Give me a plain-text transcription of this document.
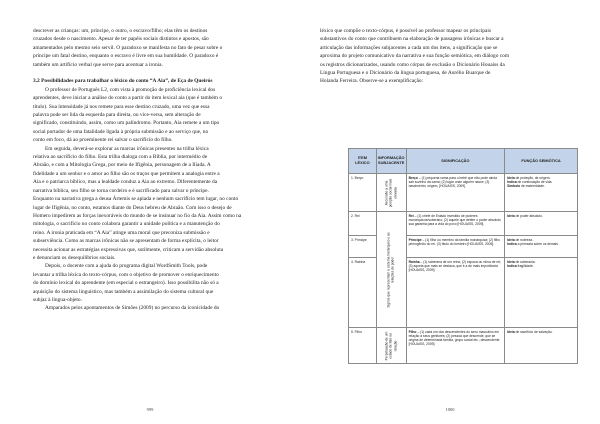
descrever as crianças: um, príncipe, o outro, o escravo/filho; elas têm os destinos

cruzados desde o nascimento. Apesar de ter papéis sociais distintos e apostos, são

amamentados pelo mesmo seio servil. O paradoxo se manifesta no fato de pesar sobre o

príncipe um fatal destino, enquanto o escravo é livre em sua humildade. O paradoxo é

também um artifício verbal que serve para acentuar a ironia.

3.2 Possibilidades para trabalhar o léxico do conto “A Aia”, de Eça de Queirós

O professor de Português L2, com vista à promoção de proficiência lexical dos

aprendentes, deve iniciar a análise do conto a partir do item lexical aia (que é também o

título). Sua íntensidade já nos remete para esse destino cruzado, uma vez que essa

palavra pode ser lida da esquerda para direita, ou vice-versa, sem alteração de

significado, constituindo, assim, como um palíndromo. Portanto, Aia remete a um tipo

social portador de uma fatalidade ligada à própria submissão e ao serviço que, no

conto em foco, dá ao proeminente rei salvar o sacrifício do filho.

Em seguida, deverá-se explorar as marcas irônicas presentes na trilha léxica

relativa ao sacrifício do filho. Esta trilha dialoga com a Bíblia, por intermédio de

Abraão, e com a Mitologia Grega, por meio de Ifigênia, personagem de a Ilíada. A

fidelidade a um senhor e o amor ao filho são os traços que permitem a analogia entre a

Aia e o patriarca bíblico, mas a lealdade conduz a Aia ao extremo. Diferentemente da

narrativa bíblica, seu filho se torna cordeiro e é sacrificado para salvar o príncipe.

Enquanto na narrativa grega a deusa Ártemis se apiada e nenhum sacrifício tem lugar, no conto

lugar de Ifigênia, no conto, estamos diante do Deus hebreu de Abraão. Com isso o desejo de

Homero impedirem as forças inexoráveis do mundo de se insinuar no fio da Aia. Assim como na

mitologia, o sacrifício no conto colabora garantir a unidade política e a manutenção do

reino. A ironia praticada em “A Aia” atinge uma moral que preconiza submissão e

subserviência. Como as marcas irônicas não se apresentam de forma explícita, o leitor

necessita acionar as estratégias expressivas que, sutilmente, criticam a servidão absoluta

e denunciam os desequilíbrios sociais.

Depois, o docente com a ajuda do programa digital WordSmith Tools, pode

levantar a trilha léxica do texto-córpus, com o objetivo de promover o enriquecimento

do domínio lexical do aprendente (em especial o estrangeiro). Isso possibilita não só a

aquisição do sistema linguístico, mas também a assimilação do sistema cultural que

subjaz à língua-objeto.

Amparados pelos apontamentos de Simões (2009) no percurso da iconicidade do

999

léxico que compõe o texto-córpus, é possível ao professor mapear os principais

substantivos do conto que contribuem na elaboração de passagens irônicas e buscar a

articulação das informações subjacentes a cada um dos itens, a significação que se

aproxima do projeto comunicativo da narrativa e sua função semiótica, em diálogo com

os registros dicionarizados, usando como córpus de exclusão o Dicionário Houaiss da

Língua Portuguesa e o Dicionário da língua portuguesa, de Aurélio Buarque de

Holanda Ferreira. Observe-se a exemplificação:

ITEM LÉXICO	INFORMAÇÃO SUBJACENTE	SIGNIFICAÇÃO	FUNÇÃO SEMIÓTICA
1. Berço	Ascensão a uma posição social mais elevada	Berço – (1) pequena cama para o bebê que não pode ainda sair sozinho da cama; (2) lugar onde alguém nasce; (3) nascimento; origem, [HOUAISS, 2009].	Ideia de proteção, de origem.
Indica de continuação de vida.
Símbolo de maternidade.

2. Rei	Signos que representam o sistema hierárquico e as relações de poder	Rei – (1) chefe de Estado investido de poderes monárquicos/soberano; (2) aquele que detém o poder absoluto sua garantia para a vida do povo [HOUAISS, 2009].	Ideia de poder absoluto.

3. Príncipe		Príncipe – (1) filho ou membro da família monárquica; (2) filho primogênito do rei. (3) título do herdeiro [HOUAISS, 2009].	Ideia de nobreza.
Indica a primazia sobre os demais.

4. Rainha		Rainha – (1) soberana de um reino; (2) esposa ou viúva de rei; (3) aquela que mais se destaca, que é a de mais importância [HOUAISS, 2009].	Ideia de soberania.
Indica fragilidade.

5. Filho	Perpetuação de um estado de fato ou relação	Filho – (1) cada um dos descendentes do sexo masculino em relação a seus genitores; (2) pessoa que descende, que se origina de determinada família, grupo social etc.; descendente [HOUAISS, 2009].	Ideia de sacrifício de salvação.
1000
